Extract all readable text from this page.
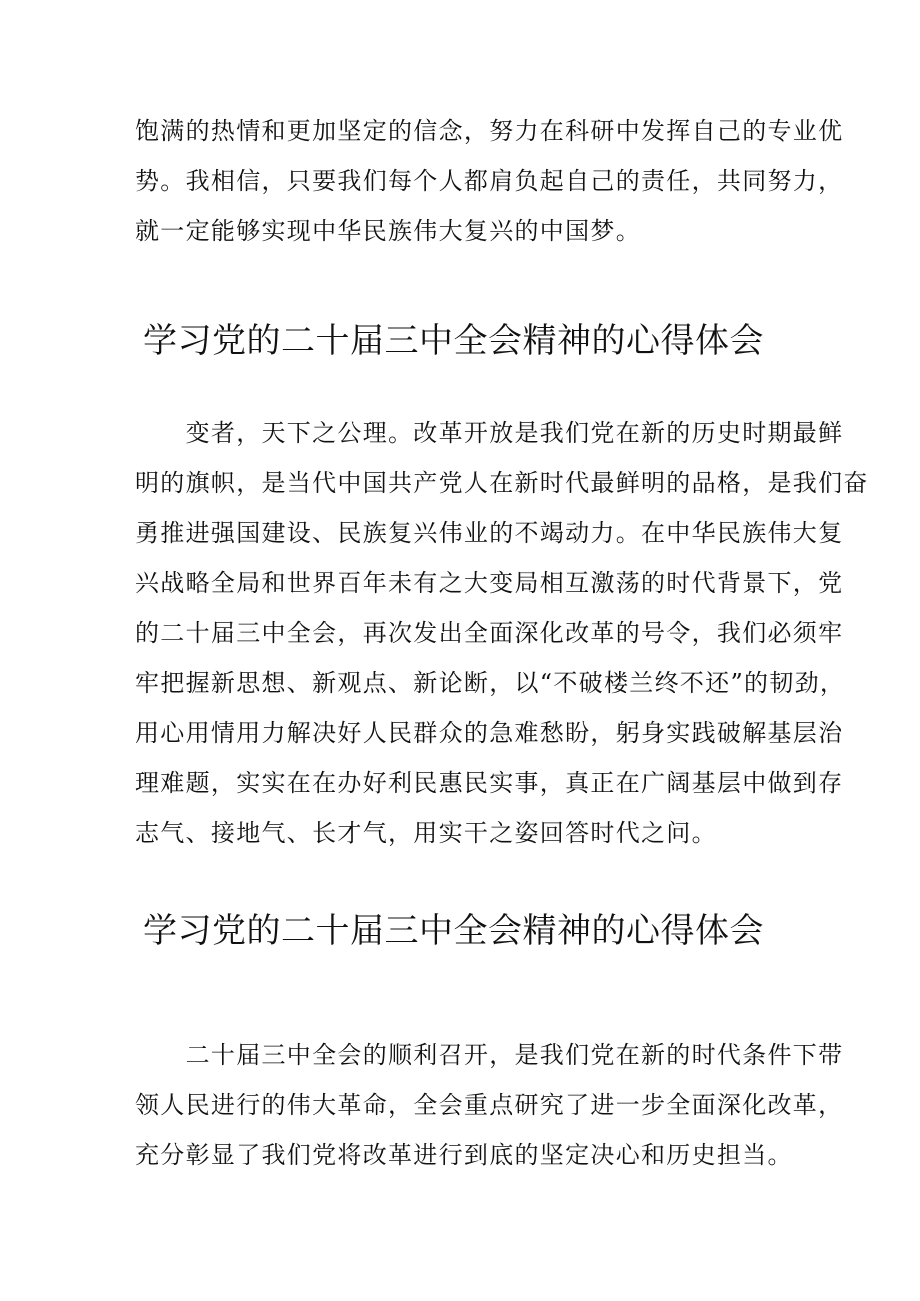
饱满的热情和更加坚定的信念，努力在科研中发挥自己的专业优
势。我相信，只要我们每个人都肩负起自己的责任，共同努力，
就一定能够实现中华民族伟大复兴的中国梦。

学习党的二十届三中全会精神的心得体会

　　变者，天下之公理。改革开放是我们党在新的历史时期最鲜
明的旗帜，是当代中国共产党人在新时代最鲜明的品格，是我们奋
勇推进强国建设、民族复兴伟业的不竭动力。在中华民族伟大复
兴战略全局和世界百年未有之大变局相互激荡的时代背景下，党
的二十届三中全会，再次发出全面深化改革的号令，我们必须牢
牢把握新思想、新观点、新论断，以“不破楼兰终不还”的韧劲，
用心用情用力解决好人民群众的急难愁盼，躬身实践破解基层治
理难题，实实在在办好利民惠民实事，真正在广阔基层中做到存
志气、接地气、长才气，用实干之姿回答时代之问。

学习党的二十届三中全会精神的心得体会

　　二十届三中全会的顺利召开，是我们党在新的时代条件下带
领人民进行的伟大革命，全会重点研究了进一步全面深化改革，
充分彰显了我们党将改革进行到底的坚定决心和历史担当。
